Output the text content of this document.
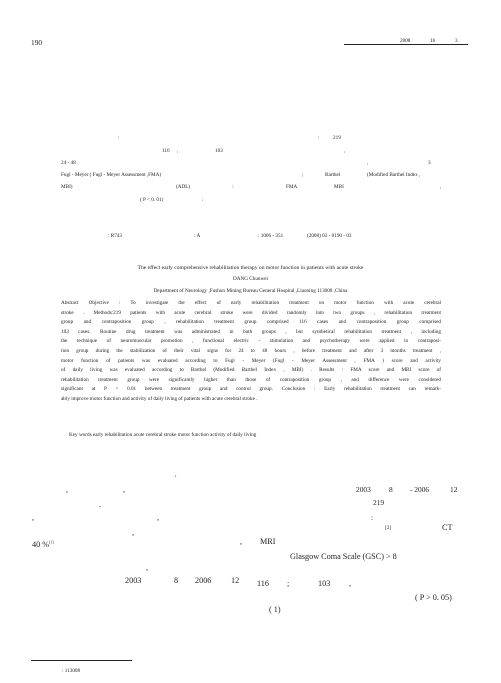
190	2008	16	3
:	:	219
116 ,	103	,
24 - 48	,	3
Fugl - Meyer ( Fugl - Meyer Assessment ,FMA)	;	Barthel	(Modified Barthel Index ,
MBI)	(ADL)	:	FMA	MBI	,
( P < 0. 01)	:
: R743	: A	: 1006 - 351	(2008) 03 - 0190 - 03
The effect early comprehensive rehabilitation therapy on motor function in patients with acute stroke
DANG Chunwei
Department of Neurology ,Fushun Mining Bureau General Hospital ,Liaoning 113008 ,China
Abstract Objective : To investigate the effect of early rehabilitation treatment on motor function with acute cerebral
stroke . Methods:219 patients with acute cerebral stroke were divided randomly into two groups , rehabilitation treatment
group and contraposition group , rehabilitation treatment group comprised 116 cases and contraposition group comprised
103 cases. Routine drug treatment was administrated in both groups , but synthetical rehabilitation treatment , including
the technique of neuromuscular promotion , functional electric - stimulation and psychotherapy were applied in contraposi-
tion group during the stabilization of their vital signs for 24 to 48 hours , before treatment and after 3 months treatment ,
motor function of patients was evaluated according to Fugl - Meyer (Fugl - Meyer Assessment , FMA ) score and activity
of daily living was evaluated according to Barthel (Modified Barthel Index , MBI) . Results : FMA score and MBI score of
rehabilitation treatment group were significantly higher than those of contraposition group , and difference were considered
significant at P < 0.01 between treatment group and control group. Conclusion : Early rehabilitation treatment can remark-
ably improve motor function and activity of daily living of patients with acute cerebral stroke .
Key words early rehabilitation acute cerebral stroke motor function activity of daily living
,
,	,	2003 8 - 2006	12
219
.
,	,	:
,
CT
MRI
,
Glasgow Coma Scale (GSC) > 8
,
2003	8 2006 12 116 ;	103 ,
( P > 0. 05)
( 1)
[2]
40 %[1]
: 113008
